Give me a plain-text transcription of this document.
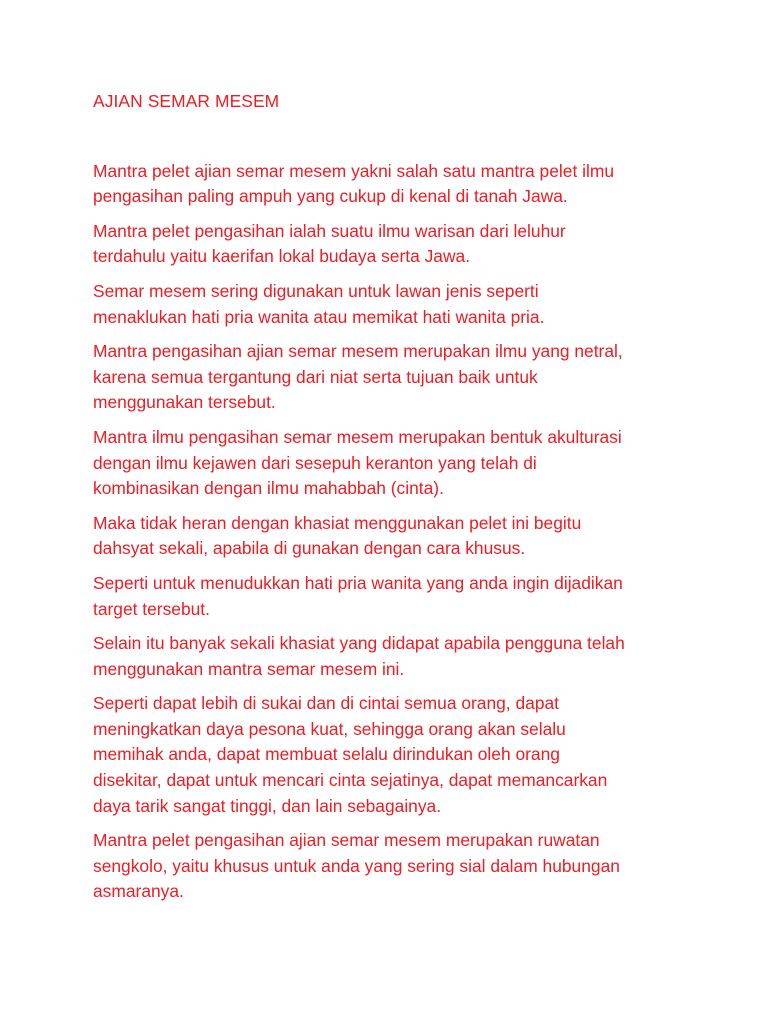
AJIAN SEMAR MESEM
Mantra pelet ajian semar mesem yakni salah satu mantra pelet ilmu
pengasihan paling ampuh yang cukup di kenal di tanah Jawa.
Mantra pelet pengasihan ialah suatu ilmu warisan dari leluhur
terdahulu yaitu kaerifan lokal budaya serta Jawa.
Semar mesem sering digunakan untuk lawan jenis seperti
menaklukan hati pria wanita atau memikat hati wanita pria.
Mantra pengasihan ajian semar mesem merupakan ilmu yang netral,
karena semua tergantung dari niat serta tujuan baik untuk
menggunakan tersebut.
Mantra ilmu pengasihan semar mesem merupakan bentuk akulturasi
dengan ilmu kejawen dari sesepuh keranton yang telah di
kombinasikan dengan ilmu mahabbah (cinta).
Maka tidak heran dengan khasiat menggunakan pelet ini begitu
dahsyat sekali, apabila di gunakan dengan cara khusus.
Seperti untuk menudukkan hati pria wanita yang anda ingin dijadikan
target tersebut.
Selain itu banyak sekali khasiat yang didapat apabila pengguna telah
menggunakan mantra semar mesem ini.
Seperti dapat lebih di sukai dan di cintai semua orang, dapat
meningkatkan daya pesona kuat, sehingga orang akan selalu
memihak anda, dapat membuat selalu dirindukan oleh orang
disekitar, dapat untuk mencari cinta sejatinya, dapat memancarkan
daya tarik sangat tinggi, dan lain sebagainya.
Mantra pelet pengasihan ajian semar mesem merupakan ruwatan
sengkolo, yaitu khusus untuk anda yang sering sial dalam hubungan
asmaranya.
